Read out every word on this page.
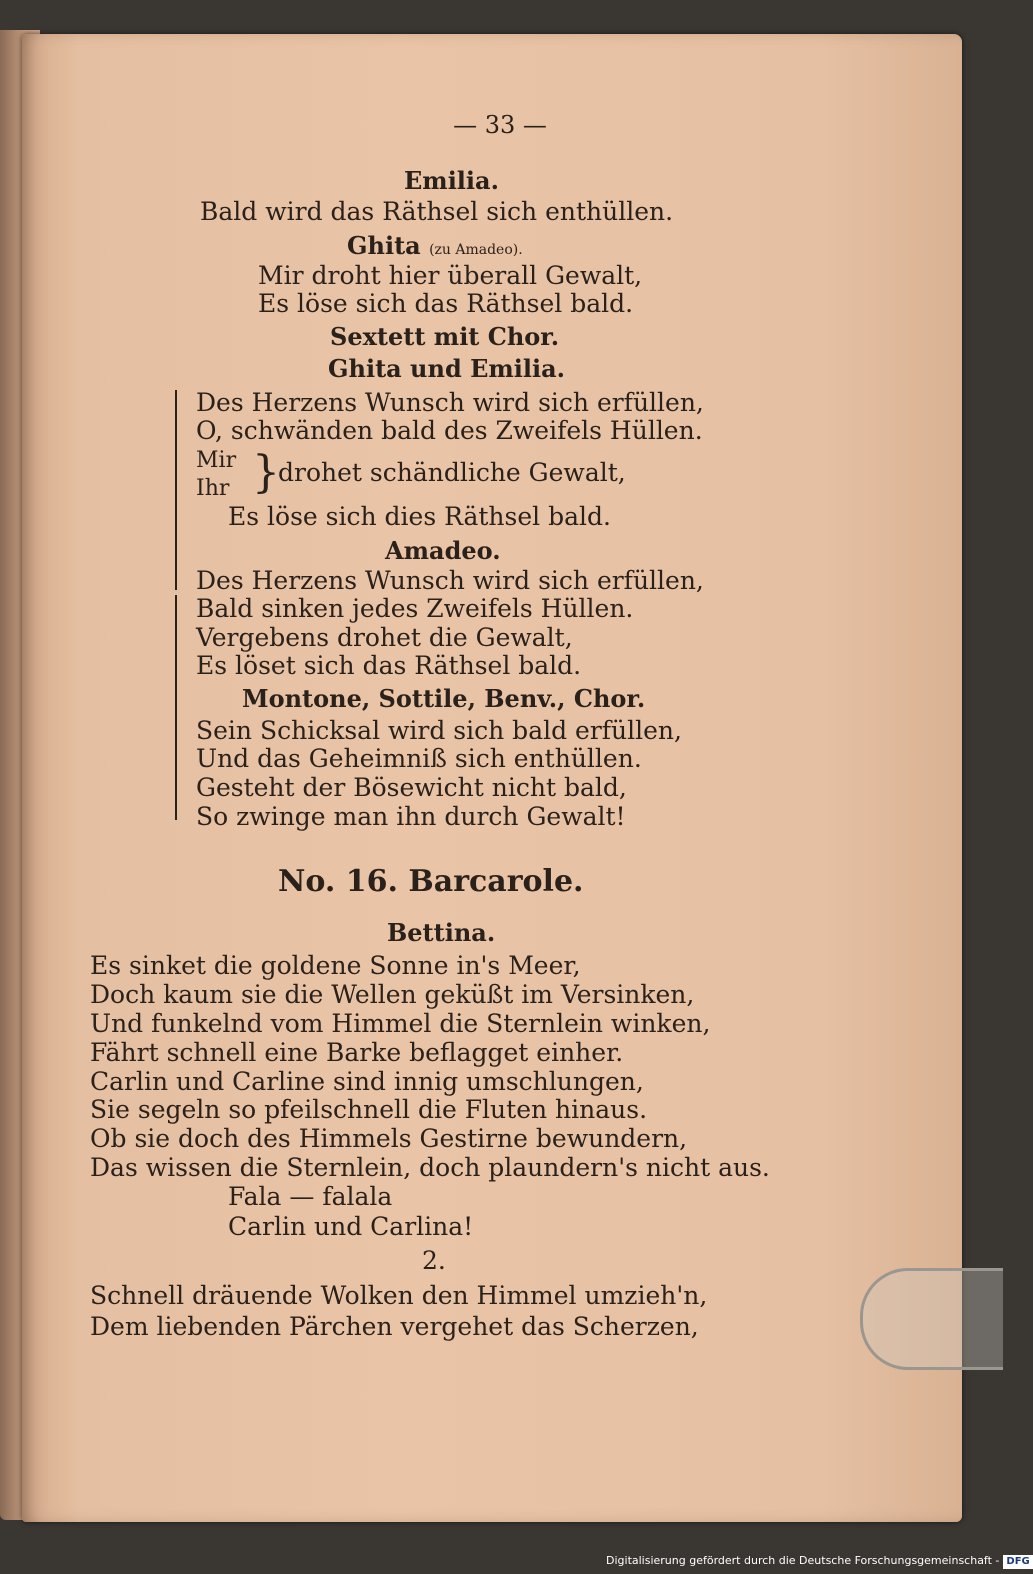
— 33 —
Emilia.
Bald wird das Räthsel sich enthüllen.
Ghita (zu Amadeo).
Mir droht hier überall Gewalt,
Es löse sich das Räthsel bald.
Sextett mit Chor.
Ghita und Emilia.
Des Herzens Wunsch wird sich erfüllen,
O, schwänden bald des Zweifels Hüllen.
Mir
Ihr }
drohet schändliche Gewalt,
Es löse sich dies Räthsel bald.
Amadeo.
Des Herzens Wunsch wird sich erfüllen,
Bald sinken jedes Zweifels Hüllen.
Vergebens drohet die Gewalt,
Es löset sich das Räthsel bald.
Montone, Sottile, Benv., Chor.
Sein Schicksal wird sich bald erfüllen,
Und das Geheimniß sich enthüllen.
Gesteht der Bösewicht nicht bald,
So zwinge man ihn durch Gewalt!
No. 16. Barcarole.
Bettina.
Es sinket die goldene Sonne in's Meer,
Doch kaum sie die Wellen geküßt im Versinken,
Und funkelnd vom Himmel die Sternlein winken,
Fährt schnell eine Barke beflagget einher.
Carlin und Carline sind innig umschlungen,
Sie segeln so pfeilschnell die Fluten hinaus.
Ob sie doch des Himmels Gestirne bewundern,
Das wissen die Sternlein, doch plaundern's nicht aus.
Fala — falala
Carlin und Carlina!
2.
Schnell dräuende Wolken den Himmel umzieh'n,
Dem liebenden Pärchen vergehet das Scherzen,
Digitalisierung gefördert durch die Deutsche Forschungsgemeinschaft - DFG
